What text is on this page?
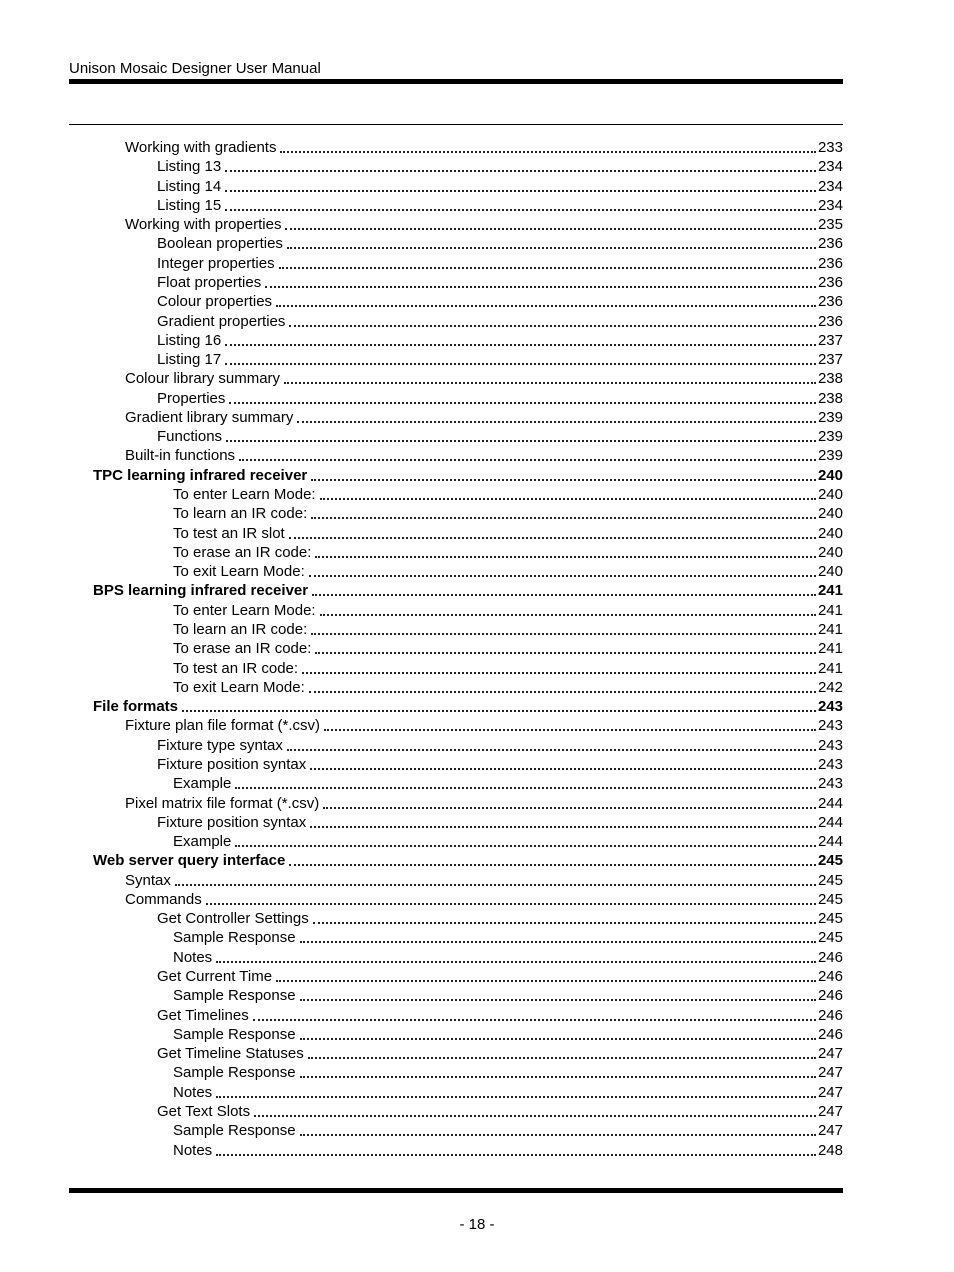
Unison Mosaic Designer User Manual
Working with gradients	233
Listing 13	234
Listing 14	234
Listing 15	234
Working with properties	235
Boolean properties	236
Integer properties	236
Float properties	236
Colour properties	236
Gradient properties	236
Listing 16	237
Listing 17	237
Colour library summary	238
Properties	238
Gradient library summary	239
Functions	239
Built-in functions	239
TPC learning infrared receiver	240
To enter Learn Mode:	240
To learn an IR code:	240
To test an IR slot	240
To erase an IR code:	240
To exit Learn Mode:	240
BPS learning infrared receiver	241
To enter Learn Mode:	241
To learn an IR code:	241
To erase an IR code:	241
To test an IR code:	241
To exit Learn Mode:	242
File formats	243
Fixture plan file format (*.csv)	243
Fixture type syntax	243
Fixture position syntax	243
Example	243
Pixel matrix file format (*.csv)	244
Fixture position syntax	244
Example	244
Web server query interface	245
Syntax	245
Commands	245
Get Controller Settings	245
Sample Response	245
Notes	246
Get Current Time	246
Sample Response	246
Get Timelines	246
Sample Response	246
Get Timeline Statuses	247
Sample Response	247
Notes	247
Get Text Slots	247
Sample Response	247
Notes	248
- 18 -
